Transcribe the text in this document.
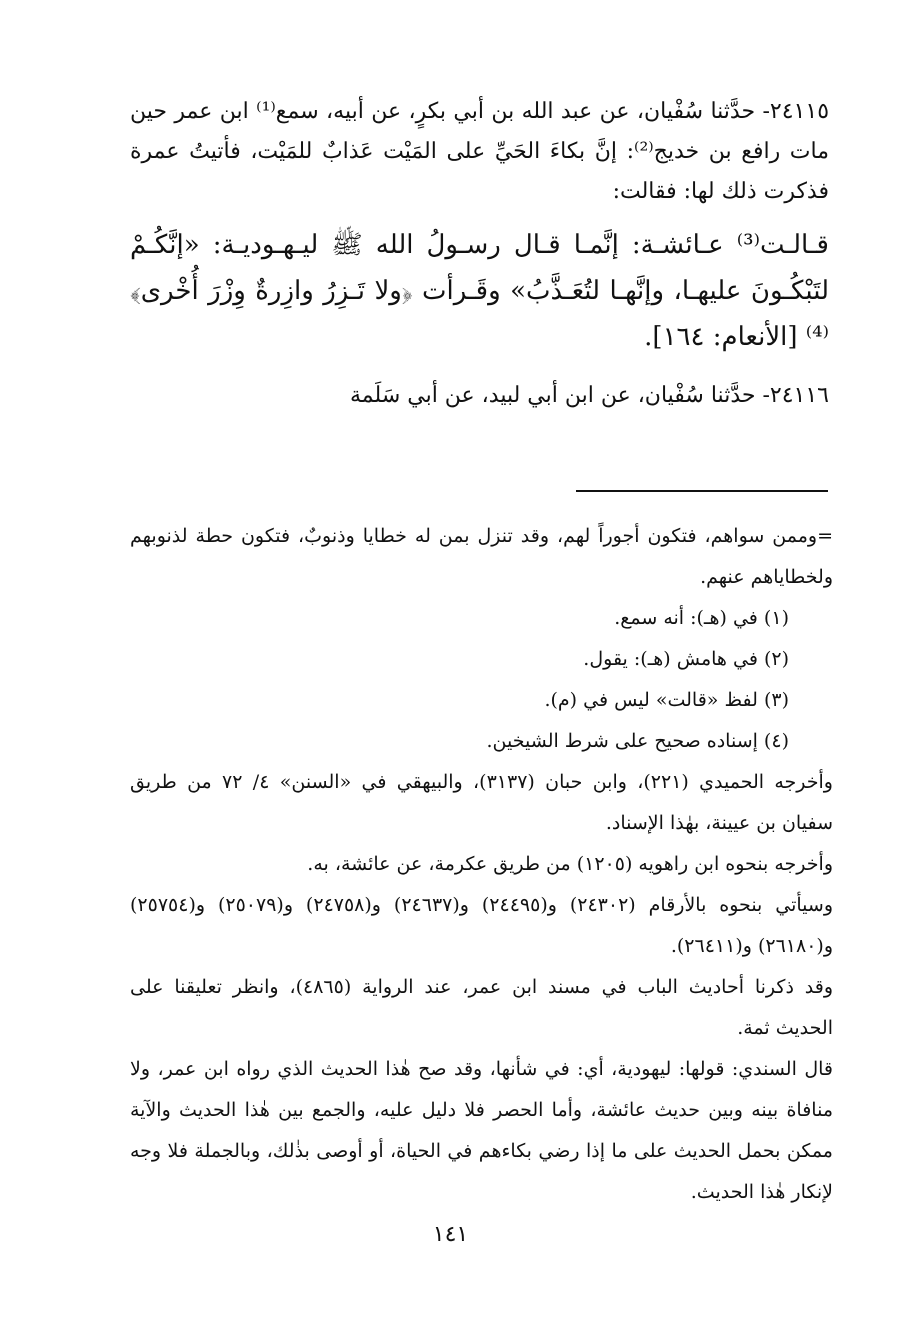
٢٤١١٥- حدَّثنا سُفْيان، عن عبد الله بن أبي بكرٍ، عن أبيه، سمع⁽¹⁾ ابن عمر حين مات رافع بن خديج⁽²⁾: إنَّ بكاءَ الحَيِّ على المَيْت عَذابٌ للمَيْت، فأتيتُ عمرة فذكرت ذلك لها: فقالت:

قـالـت⁽³⁾ عـائشـة: إنَّمـا قـال رسـولُ الله ﷺ ليـهـوديـة: «إنَّكُـمْ لتَبْكُـونَ عليهـا، وإنَّهـا لتُعَـذَّبُ» وقَـرأت ﴿ولا تَـزِرُ وازِرةٌ وِزْرَ أُخْرى﴾⁽⁴⁾ [الأنعام: ١٦٤].

٢٤١١٦- حدَّثنا سُفْيان، عن ابن أبي لبيد، عن أبي سَلَمة

=وممن سواهم، فتكون أجوراً لهم، وقد تنزل بمن له خطايا وذنوبٌ، فتكون حطة لذنوبهم ولخطاياهم عنهم.

(١) في (هـ): أنه سمع.

(٢) في هامش (هـ): يقول.

(٣) لفظ «قالت» ليس في (م).

(٤) إسناده صحيح على شرط الشيخين.

وأخرجه الحميدي (٢٢١)، وابن حبان (٣١٣٧)، والبيهقي في «السنن» ٤/ ٧٢ من طريق سفيان بن عيينة، بهٰذا الإسناد.

وأخرجه بنحوه ابن راهويه (١٢٠٥) من طريق عكرمة، عن عائشة، به.

وسيأتي بنحوه بالأرقام (٢٤٣٠٢) و(٢٤٤٩٥) و(٢٤٦٣٧) و(٢٤٧٥٨) و(٢٥٠٧٩) و(٢٥٧٥٤) و(٢٦١٨٠) و(٢٦٤١١).

وقد ذكرنا أحاديث الباب في مسند ابن عمر، عند الرواية (٤٨٦٥)، وانظر تعليقنا على الحديث ثمة.

قال السندي: قولها: ليهودية، أي: في شأنها، وقد صح هٰذا الحديث الذي رواه ابن عمر، ولا منافاة بينه وبين حديث عائشة، وأما الحصر فلا دليل عليه، والجمع بين هٰذا الحديث والآية ممكن بحمل الحديث على ما إذا رضي بكاءهم في الحياة، أو أوصى بذٰلك، وبالجملة فلا وجه لإنكار هٰذا الحديث.

١٤١
